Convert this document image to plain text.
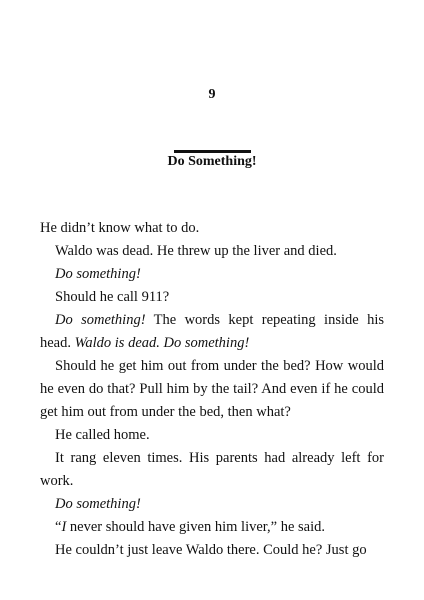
9
Do Something!

He didn’t know what to do.

Waldo was dead. He threw up the liver and died.

Do something!

Should he call 911?

Do something! The words kept repeating inside his head. Waldo is dead. Do something!

Should he get him out from under the bed? How would he even do that? Pull him by the tail? And even if he could get him out from under the bed, then what?

He called home.

It rang eleven times. His parents had already left for work.

Do something!

“I never should have given him liver,” he said.

He couldn’t just leave Waldo there. Could he? Just go
